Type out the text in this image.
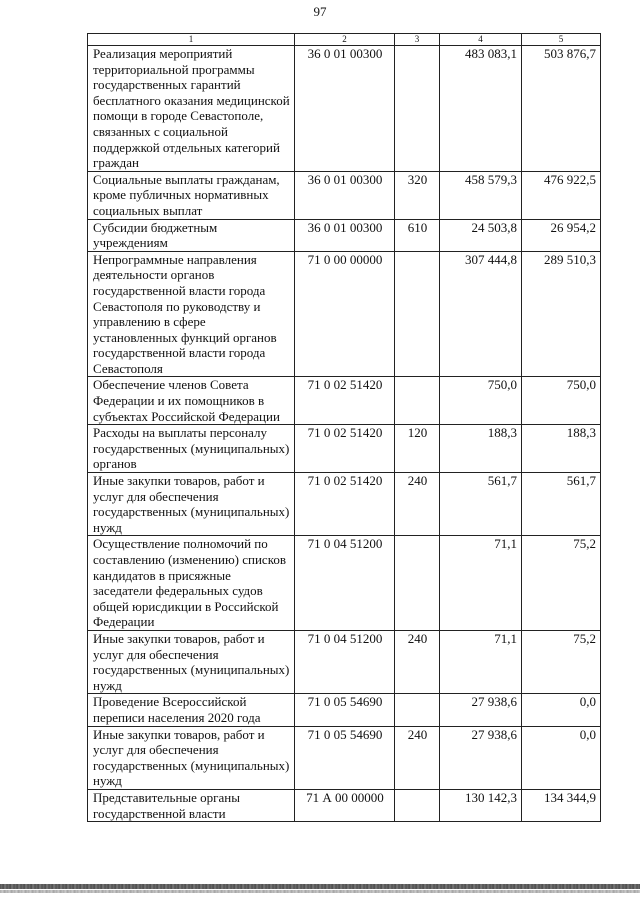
97
1	2	3	4	5
Реализация мероприятий территориальной программы государственных гарантий бесплатного оказания медицинской помощи в городе Севастополе, связанных с социальной поддержкой отдельных категорий граждан	36 0 01 00300		483 083,1	503 876,7
Социальные выплаты гражданам, кроме публичных нормативных социальных выплат	36 0 01 00300	320	458 579,3	476 922,5
Субсидии бюджетным учреждениям	36 0 01 00300	610	24 503,8	26 954,2
Непрограммные направления деятельности органов государственной власти города Севастополя по руководству и управлению в сфере установленных функций органов государственной власти города Севастополя	71 0 00 00000		307 444,8	289 510,3
Обеспечение членов Совета Федерации и их помощников в субъектах Российской Федерации	71 0 02 51420		750,0	750,0
Расходы на выплаты персоналу государственных (муниципальных) органов	71 0 02 51420	120	188,3	188,3
Иные закупки товаров, работ и услуг для обеспечения государственных (муниципальных) нужд	71 0 02 51420	240	561,7	561,7
Осуществление полномочий по составлению (изменению) списков кандидатов в присяжные заседатели федеральных судов общей юрисдикции в Российской Федерации	71 0 04 51200		71,1	75,2
Иные закупки товаров, работ и услуг для обеспечения государственных (муниципальных) нужд	71 0 04 51200	240	71,1	75,2
Проведение Всероссийской переписи населения 2020 года	71 0 05 54690		27 938,6	0,0
Иные закупки товаров, работ и услуг для обеспечения государственных (муниципальных) нужд	71 0 05 54690	240	27 938,6	0,0
Представительные органы государственной власти	71 А 00 00000		130 142,3	134 344,9
